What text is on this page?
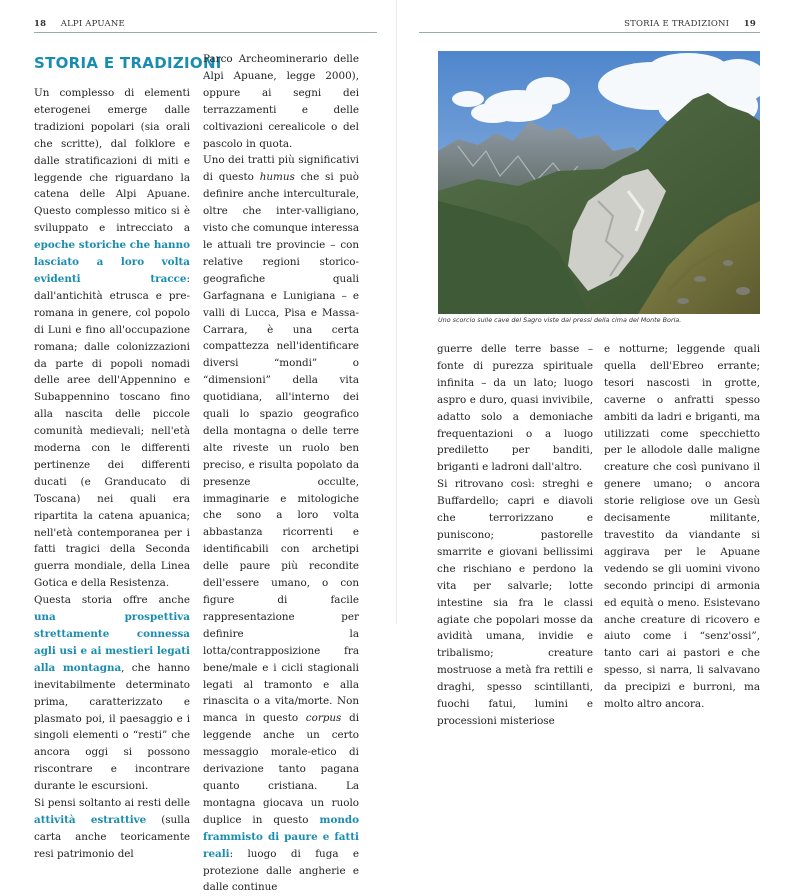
18 ALPI APUANE
STORIA E TRADIZIONI

Un complesso di elementi eterogenei emerge dalle tradizioni popolari (sia orali che scritte), dal folklore e dalle stratificazioni di miti e leggende che riguardano la catena delle Alpi Apuane. Questo complesso mitico si è sviluppato e intrecciato a epoche storiche che hanno lasciato a loro volta evidenti tracce: dall'antichità etrusca e pre-romana in genere, col popolo di Luni e fino all'occupazione romana; dalle colonizzazioni da parte di popoli nomadi delle aree dell'Appennino e Subappennino toscano fino alla nascita delle piccole comunità medievali; nell'età moderna con le differenti pertinenze dei differenti ducati (e Granducato di Toscana) nei quali era ripartita la catena apuanica; nell'età contemporanea per i fatti tragici della Seconda guerra mondiale, della Linea Gotica e della Resistenza.

Questa storia offre anche una prospettiva strettamente connessa agli usi e ai mestieri legati alla montagna, che hanno inevitabilmente determinato prima, caratterizzato e plasmato poi, il paesaggio e i singoli elementi o “resti” che ancora oggi si possono riscontrare e incontrare durante le escursioni.

Si pensi soltanto ai resti delle attività estrattive (sulla carta anche teoricamente resi patrimonio del

Parco Archeominerario delle Alpi Apuane, legge 2000), oppure ai segni dei terrazzamenti e delle coltivazioni cerealicole o del pascolo in quota.

Uno dei tratti più significativi di questo humus che si può definire anche interculturale, oltre che inter-valligiano, visto che comunque interessa le attuali tre provincie – con relative regioni storico-geografiche quali Garfagnana e Lunigiana – e valli di Lucca, Pisa e Massa-Carrara, è una certa compattezza nell'identificare diversi “mondi” o “dimensioni” della vita quotidiana, all'interno dei quali lo spazio geografico della montagna o delle terre alte riveste un ruolo ben preciso, e risulta popolato da presenze occulte, immaginarie e mitologiche che sono a loro volta abbastanza ricorrenti e identificabili con archetipi delle paure più recondite dell'essere umano, o con figure di facile rappresentazione per definire la lotta/contrapposizione fra bene/male e i cicli stagionali legati al tramonto e alla rinascita o a vita/morte. Non manca in questo corpus di leggende anche un certo messaggio morale-etico di derivazione tanto pagana quanto cristiana. La montagna giocava un ruolo duplice in questo mondo frammisto di paure e fatti reali: luogo di fuga e protezione dalle angherie e dalle continue

STORIA E TRADIZIONI 19
Uno scorcio sulle cave del Sagro viste dai pressi della cima del Monte Borla.

guerre delle terre basse – fonte di purezza spirituale infinita – da un lato; luogo aspro e duro, quasi invivibile, adatto solo a demoniache frequentazioni o a luogo prediletto per banditi, briganti e ladroni dall'altro.

Si ritrovano così: streghi e Buffardello; capri e diavoli che terrorizzano e puniscono; pastorelle smarrite e giovani bellissimi che rischiano e perdono la vita per salvarle; lotte intestine sia fra le classi agiate che popolari mosse da avidità umana, invidie e tribalismo; creature mostruose a metà fra rettili e draghi, spesso scintillanti, fuochi fatui, lumini e processioni misteriose

e notturne; leggende quali quella dell'Ebreo errante; tesori nascosti in grotte, caverne o anfratti spesso ambiti da ladri e briganti, ma utilizzati come specchietto per le allodole dalle maligne creature che così punivano il genere umano; o ancora storie religiose ove un Gesù decisamente militante, travestito da viandante si aggirava per le Apuane vedendo se gli uomini vivono secondo principi di armonia ed equità o meno. Esistevano anche creature di ricovero e aiuto come i “senz'ossi”, tanto cari ai pastori e che spesso, si narra, li salvavano da precipizi e burroni, ma molto altro ancora.
